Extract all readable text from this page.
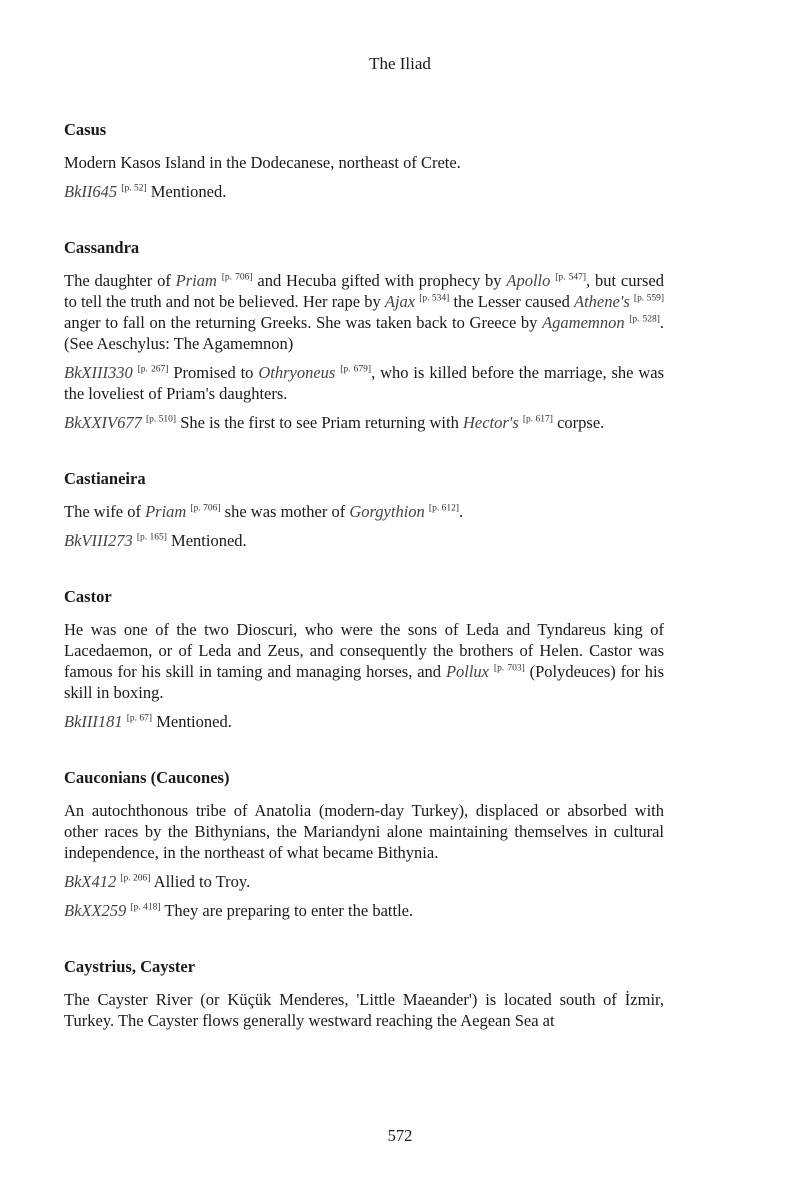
The Iliad
Casus

Modern Kasos Island in the Dodecanese, northeast of Crete.

BkII645 [p. 52] Mentioned.

Cassandra

The daughter of Priam [p. 706] and Hecuba gifted with prophecy by Apollo [p. 547], but cursed to tell the truth and not be believed. Her rape by Ajax [p. 534] the Lesser caused Athene's [p. 559] anger to fall on the returning Greeks. She was taken back to Greece by Agamemnon [p. 528]. (See Aeschylus: The Agamemnon)

BkXIII330 [p. 267] Promised to Othryoneus [p. 679], who is killed before the marriage, she was the loveliest of Priam's daughters.

BkXXIV677 [p. 510] She is the first to see Priam returning with Hector's [p. 617] corpse.

Castianeira

The wife of Priam [p. 706] she was mother of Gorgythion [p. 612].

BkVIII273 [p. 165] Mentioned.

Castor

He was one of the two Dioscuri, who were the sons of Leda and Tyndareus king of Lacedaemon, or of Leda and Zeus, and consequently the brothers of Helen. Castor was famous for his skill in taming and managing horses, and Pollux [p. 703] (Polydeuces) for his skill in boxing.

BkIII181 [p. 67] Mentioned.

Cauconians (Caucones)

An autochthonous tribe of Anatolia (modern-day Turkey), displaced or absorbed with other races by the Bithynians, the Mariandyni alone maintaining themselves in cultural independence, in the northeast of what became Bithynia.

BkX412 [p. 206] Allied to Troy.

BkXX259 [p. 418] They are preparing to enter the battle.

Caystrius, Cayster

The Cayster River (or Küçük Menderes, 'Little Maeander') is located south of İzmir, Turkey. The Cayster flows generally westward reaching the Aegean Sea at

572
